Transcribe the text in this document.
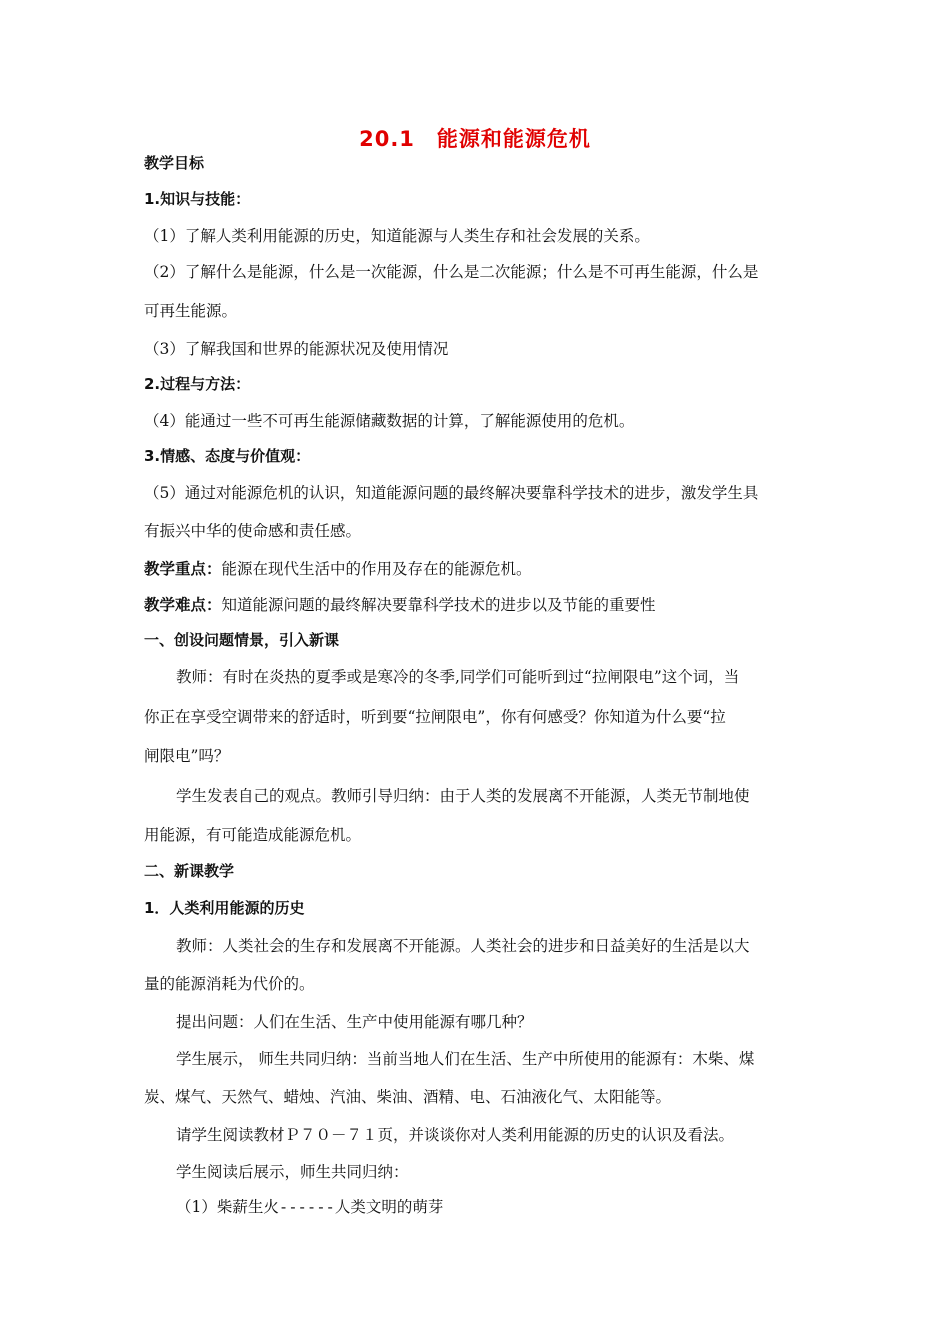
20.1　能源和能源危机
教学目标
1.知识与技能：
（1）了解人类利用能源的历史，知道能源与人类生存和社会发展的关系。
（2）了解什么是能源，什么是一次能源，什么是二次能源；什么是不可再生能源，什么是
可再生能源。
（3）了解我国和世界的能源状况及使用情况
2.过程与方法：
（4）能通过一些不可再生能源储藏数据的计算，了解能源使用的危机。
3.情感、态度与价值观：
（5）通过对能源危机的认识，知道能源问题的最终解决要靠科学技术的进步，激发学生具
有振兴中华的使命感和责任感。
教学重点：能源在现代生活中的作用及存在的能源危机。
教学难点：知道能源问题的最终解决要靠科学技术的进步以及节能的重要性
一、创设问题情景，引入新课
教师：有时在炎热的夏季或是寒冷的冬季,同学们可能听到过“拉闸限电”这个词，当
你正在享受空调带来的舒适时，听到要“拉闸限电”，你有何感受？你知道为什么要“拉
闸限电”吗？
学生发表自己的观点。教师引导归纳：由于人类的发展离不开能源，人类无节制地使
用能源，有可能造成能源危机。
二、新课教学
1．人类利用能源的历史
教师：人类社会的生存和发展离不开能源。人类社会的进步和日益美好的生活是以大
量的能源消耗为代价的。
提出问题：人们在生活、生产中使用能源有哪几种？
学生展示， 师生共同归纳：当前当地人们在生活、生产中所使用的能源有：木柴、煤
炭、煤气、天然气、蜡烛、汽油、柴油、酒精、电、石油液化气、太阳能等。
请学生阅读教材Ｐ７０－７１页，并谈谈你对人类利用能源的历史的认识及看法。
学生阅读后展示，师生共同归纳：
（1）柴薪生火------人类文明的萌芽
